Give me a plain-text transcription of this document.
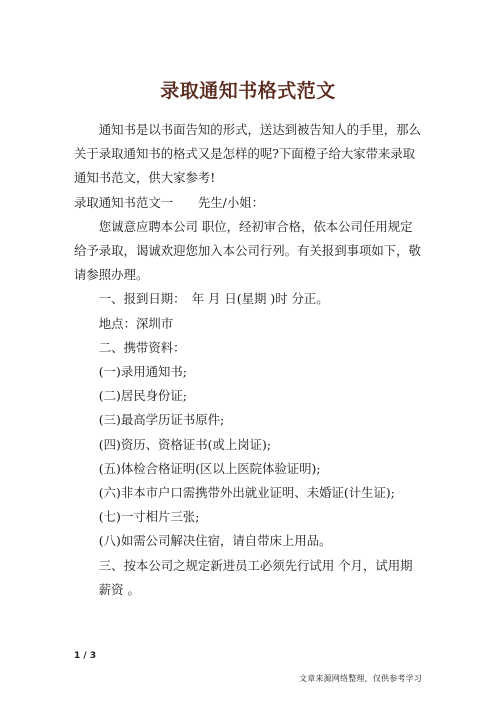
录取通知书格式范文

通知书是以书面告知的形式，送达到被告知人的手里，那么关于录取通知书的格式又是怎样的呢?下面橙子给大家带来录取通知书范文，供大家参考!

录取通知书范文一　　先生/小姐：

您诚意应聘本公司 职位，经初审合格，依本公司任用规定给予录取，谒诚欢迎您加入本公司行列。有关报到事项如下，敬请参照办理。

一、报到日期：　年 月 日(星期 )时 分正。

地点：深圳市

二、携带资料：

(一)录用通知书;

(二)居民身份证;

(三)最高学历证书原件;

(四)资历、资格证书(或上岗证);

(五)体检合格证明(区以上医院体验证明);

(六)非本市户口需携带外出就业证明、未婚证(计生证);

(七)一寸相片三张;

(八)如需公司解决住宿，请自带床上用品。

三、按本公司之规定新进员工必须先行试用 个月，试用期薪资 。

1 / 3
文章来源网络整理，仅供参考学习
